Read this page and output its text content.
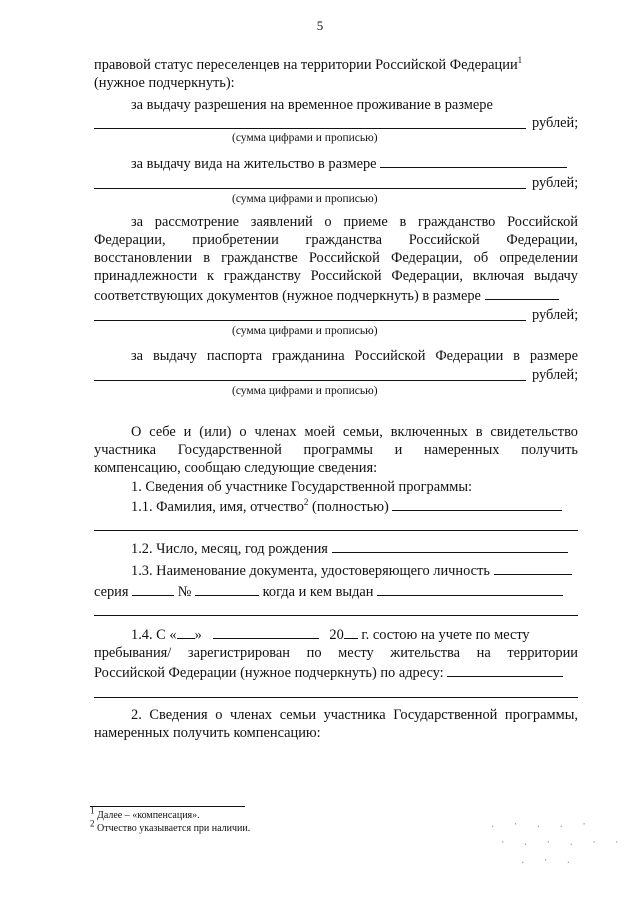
5
правовой статус переселенцев на территории Российской Федерации$^1$
(нужное подчеркнуть):
за выдачу разрешения на временное проживание в размере
рублей;
(сумма цифрами и прописью)
за выдачу вида на жительство в размере
рублей;
(сумма цифрами и прописью)
за рассмотрение заявлений о приеме в гражданство Российской
Федерации, приобретении гражданства Российской Федерации,
восстановлении в гражданстве Российской Федерации, об определении
принадлежности к гражданству Российской Федерации, включая выдачу
соответствующих документов (нужное подчеркнуть) в размере
рублей;
(сумма цифрами и прописью)
за выдачу паспорта гражданина Российской Федерации в размере
рублей;
(сумма цифрами и прописью)
О себе и (или) о членах моей семьи, включенных в свидетельство
участника Государственной программы и намеренных получить
компенсацию, сообщаю следующие сведения:
1. Сведения об участнике Государственной программы:
1.1. Фамилия, имя, отчество$^2$ (полностью)
1.2. Число, месяц, год рождения
1.3. Наименование документа, удостоверяющего личность
серия	№	когда и кем выдан
1.4. С « »	20 г. состою на учете по месту
пребывания/ зарегистрирован по месту жительства на территории
Российской Федерации (нужное подчеркнуть) по адресу:
2. Сведения о членах семьи участника Государственной программы,
намеренных получить компенсацию:
$^1$ Далее – «компенсация».
$^2$ Отчество указывается при наличии.	. · . . ·
· . · . · ·
. · .
